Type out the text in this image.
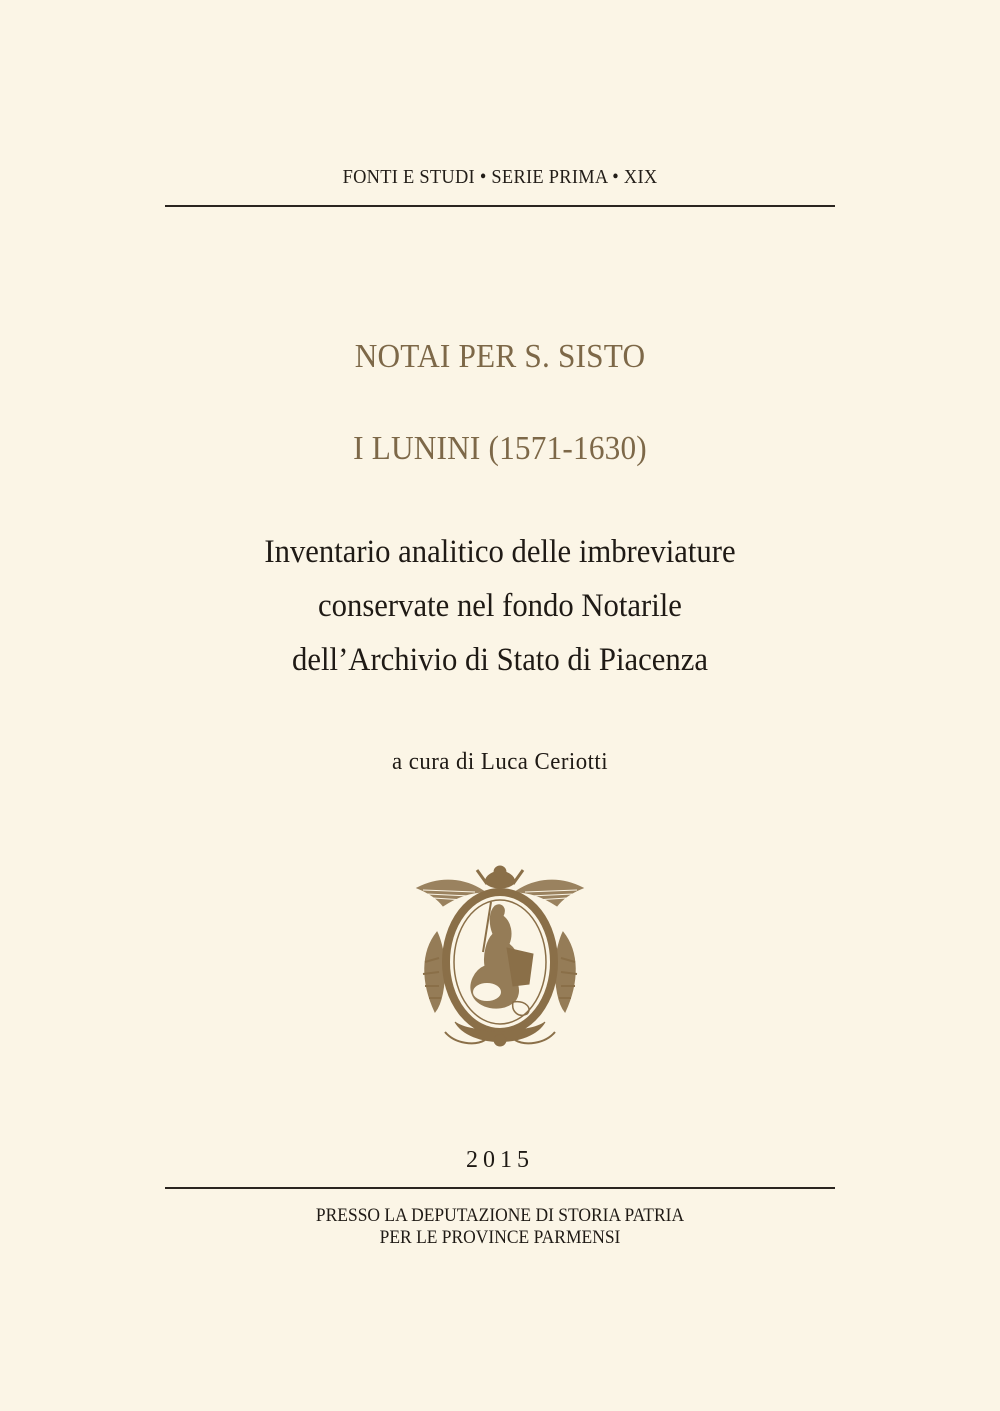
FONTI E STUDI • SERIE PRIMA • XIX
NOTAI PER S. SISTO
I LUNINI (1571-1630)
Inventario analitico delle imbreviature
conservate nel fondo Notarile
dell’Archivio di Stato di Piacenza
a cura di Luca Ceriotti
2015
PRESSO LA DEPUTAZIONE DI STORIA PATRIA
PER LE PROVINCE PARMENSI
